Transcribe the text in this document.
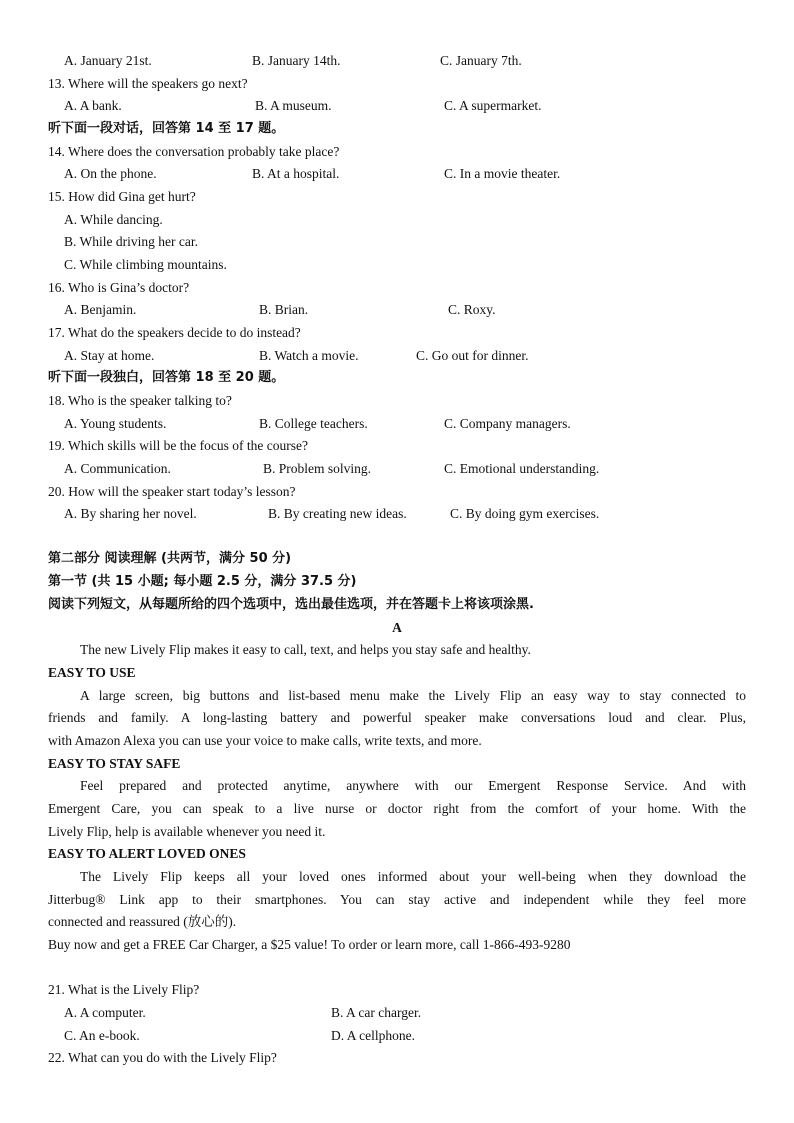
A. January 21st.	B. January 14th.	C. January 7th.
13. Where will the speakers go next?
A. A bank.	B. A museum.	C. A supermarket.
听下面一段对话，回答第 14 至 17 题。
14. Where does the conversation probably take place?
A. On the phone.	B. At a hospital.	C. In a movie theater.
15. How did Gina get hurt?
A. While dancing.
B. While driving her car.
C. While climbing mountains.
16. Who is Gina’s doctor?
A. Benjamin.	B. Brian.	C. Roxy.
17. What do the speakers decide to do instead?
A. Stay at home.	B. Watch a movie.	C. Go out for dinner.
听下面一段独白，回答第 18 至 20 题。
18. Who is the speaker talking to?
A. Young students.	B. College teachers.	C. Company managers.
19. Which skills will be the focus of the course?
A. Communication.	B. Problem solving.	C. Emotional understanding.
20. How will the speaker start today’s lesson?
A. By sharing her novel.	B. By creating new ideas.	C. By doing gym exercises.
第二部分 阅读理解 (共两节，满分 50 分)
第一节 (共 15 小题; 每小题 2.5 分，满分 37.5 分)
阅读下列短文，从每题所给的四个选项中，选出最佳选项，并在答题卡上将该项涂黑.
A
The new Lively Flip makes it easy to call, text, and helps you stay safe and healthy.
EASY TO USE
A large screen, big buttons and list-based menu make the Lively Flip an easy way to stay connected to
friends and family. A long-lasting battery and powerful speaker make conversations loud and clear. Plus,
with Amazon Alexa you can use your voice to make calls, write texts, and more.
EASY TO STAY SAFE
Feel prepared and protected anytime, anywhere with our Emergent Response Service. And with
Emergent Care, you can speak to a live nurse or doctor right from the comfort of your home. With the
Lively Flip, help is available whenever you need it.
EASY TO ALERT LOVED ONES
The Lively Flip keeps all your loved ones informed about your well-being when they download the
Jitterbug® Link app to their smartphones. You can stay active and independent while they feel more
connected and reassured (放心的).
Buy now and get a FREE Car Charger, a $25 value! To order or learn more, call 1-866-493-9280
21. What is the Lively Flip?
A. A computer.	B. A car charger.
C. An e-book.	D. A cellphone.
22. What can you do with the Lively Flip?
